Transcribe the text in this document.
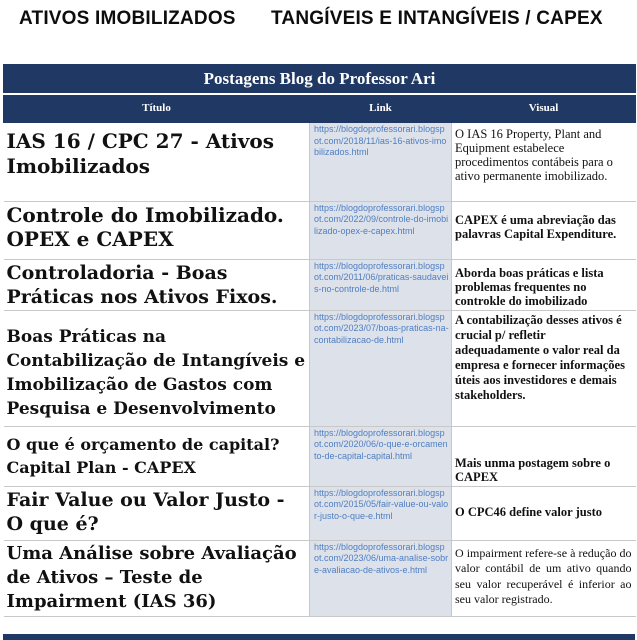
ATIVOS IMOBILIZADOS TANGÍVEIS E INTANGÍVEIS / CAPEX
Postagens Blog do Professor Ari		
Título	Link	Visual

IAS 16 / CPC 27 - Ativos Imobilizados	https://blogdoprofessorari.blogspot.com/2018/11/ias-16-ativos-imobilizados.html	O IAS 16 Property, Plant and Equipment estabelece procedimentos contábeis para o ativo permanente imobilizado.

Controle do Imobilizado. OPEX e CAPEX	https://blogdoprofessorari.blogspot.com/2022/09/controle-do-imobilizado-opex-e-capex.html	CAPEX é uma abreviação das palavras Capital Expenditure.

Controladoria - Boas Práticas nos Ativos Fixos.	https://blogdoprofessorari.blogspot.com/2011/06/praticas-saudaveis-no-controle-de.html	Aborda boas práticas e lista problemas frequentes no controkle do imobilizado

Boas Práticas na Contabilização de Intangíveis e Imobilização de Gastos com Pesquisa e Desenvolvimento	https://blogdoprofessorari.blogspot.com/2023/07/boas-praticas-na-contabilizacao-de.html	A contabilização desses ativos é crucial p/ refletir adequadamente o valor real da empresa e fornecer informações úteis aos investidores e demais stakeholders.

O que é orçamento de capital? Capital Plan - CAPEX	https://blogdoprofessorari.blogspot.com/2020/06/o-que-e-orcamento-de-capital-capital.html	Mais unma postagem sobre o CAPEX

Fair Value ou Valor Justo - O que é?	https://blogdoprofessorari.blogspot.com/2015/05/fair-value-ou-valor-justo-o-que-e.html	O CPC46 define valor justo

Uma Análise sobre Avaliação de Ativos – Teste de Impairment (IAS 36)	https://blogdoprofessorari.blogspot.com/2023/06/uma-analise-sobre-avaliacao-de-ativos-e.html	O impairment refere-se à redução do valor contábil de um ativo quando seu valor recuperável é inferior ao seu valor registrado.
